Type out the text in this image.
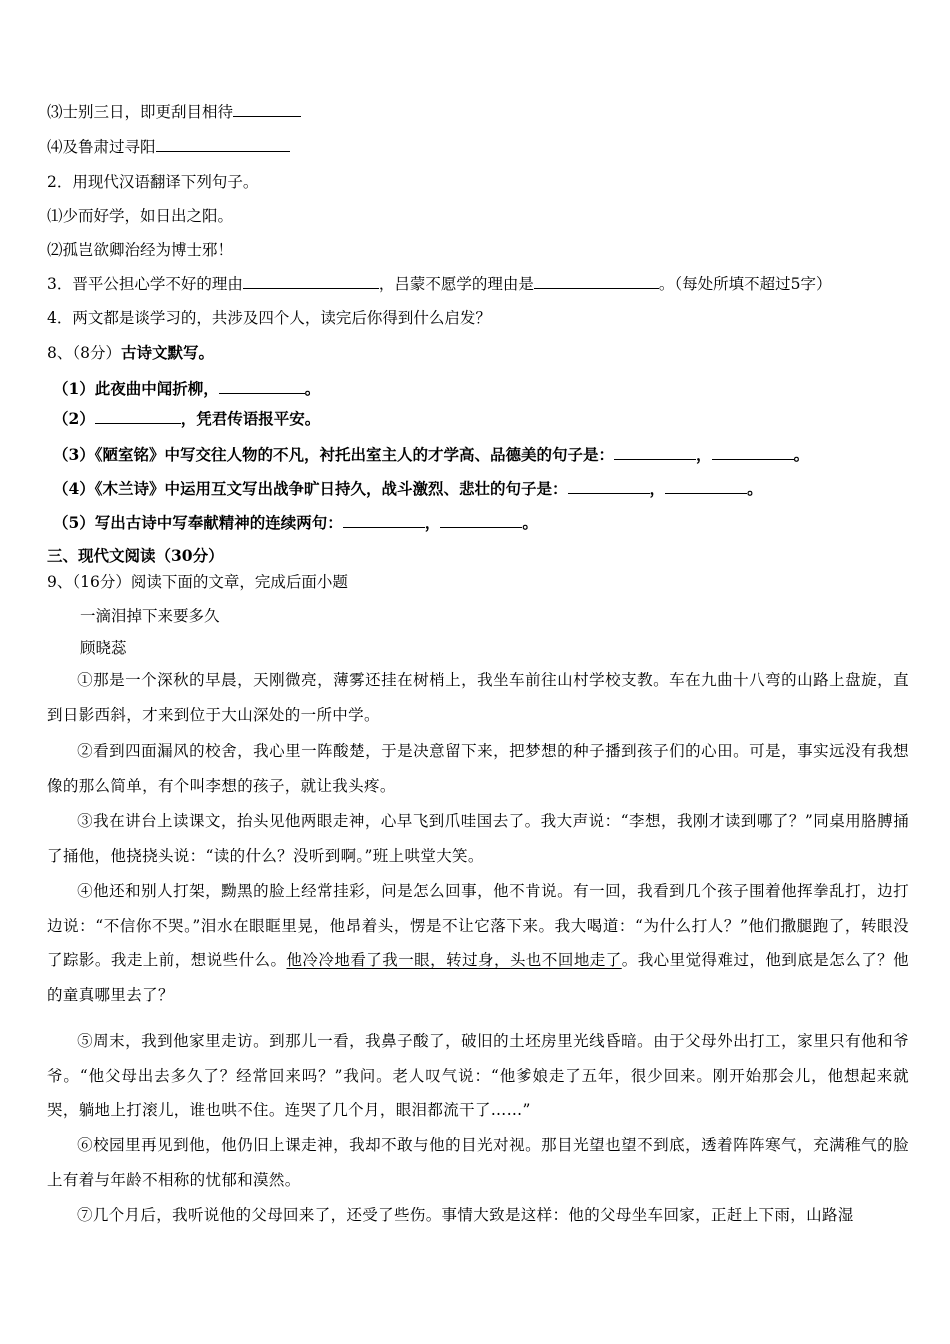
⑶士别三日，即更刮目相待
⑷及鲁肃过寻阳
2．用现代汉语翻译下列句子。
⑴少而好学，如日出之阳。
⑵孤岂欲卿治经为博士邪！
3．晋平公担心学不好的理由	，吕蒙不愿学的理由是	。（每处所填不超过5字）
4．两文都是谈学习的，共涉及四个人，读完后你得到什么启发？
8、（8分）古诗文默写。
（1）此夜曲中闻折柳，	。
（2）	，凭君传语报平安。
（3）《陋室铭》中写交往人物的不凡，衬托出室主人的才学高、品德美的句子是：	，	。
（4）《木兰诗》中运用互文写出战争旷日持久，战斗激烈、悲壮的句子是：	，	。
（5）写出古诗中写奉献精神的连续两句：	，	。
三、现代文阅读（30分）
9、（16分）阅读下面的文章，完成后面小题
一滴泪掉下来要多久
顾晓蕊
①那是一个深秋的早晨，天刚微亮，薄雾还挂在树梢上，我坐车前往山村学校支教。车在九曲十八弯的山路上盘旋，直到日影西斜，才来到位于大山深处的一所中学。
②看到四面漏风的校舍，我心里一阵酸楚，于是决意留下来，把梦想的种子播到孩子们的心田。可是，事实远没有我想像的那么简单，有个叫李想的孩子，就让我头疼。
③我在讲台上读课文，抬头见他两眼走神，心早飞到爪哇国去了。我大声说：“李想，我刚才读到哪了？”同桌用胳膊捅了捅他，他挠挠头说：“读的什么？没听到啊。”班上哄堂大笑。
④他还和别人打架，黝黑的脸上经常挂彩，问是怎么回事，他不肯说。有一回，我看到几个孩子围着他挥拳乱打，边打边说：“不信你不哭。”泪水在眼眶里晃，他昂着头，愣是不让它落下来。我大喝道：“为什么打人？”他们撒腿跑了，转眼没了踪影。我走上前，想说些什么。他冷冷地看了我一眼，转过身，头也不回地走了。我心里觉得难过，他到底是怎么了？他的童真哪里去了？
⑤周末，我到他家里走访。到那儿一看，我鼻子酸了，破旧的土坯房里光线昏暗。由于父母外出打工，家里只有他和爷爷。“他父母出去多久了？经常回来吗？”我问。老人叹气说：“他爹娘走了五年，很少回来。刚开始那会儿，他想起来就哭，躺地上打滚儿，谁也哄不住。连哭了几个月，眼泪都流干了……”
⑥校园里再见到他，他仍旧上课走神，我却不敢与他的目光对视。那目光望也望不到底，透着阵阵寒气，充满稚气的脸上有着与年龄不相称的忧郁和漠然。
⑦几个月后，我听说他的父母回来了，还受了些伤。事情大致是这样：他的父母坐车回家，正赶上下雨，山路湿
